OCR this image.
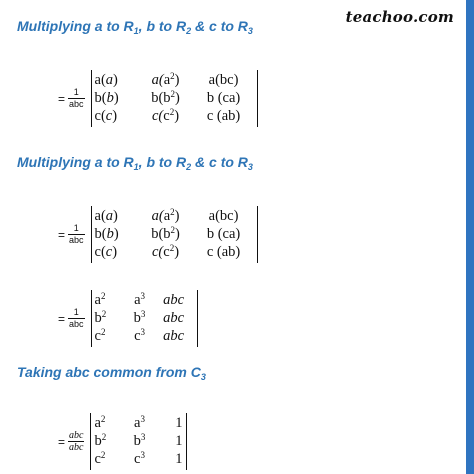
teachoo.com
Multiplying a to $R_1$, b to $R_2$ & c to $R_3$
= $\frac{1}{\text{abc}}$
a(a)	$a(a^2)$	a(bc)
b(b)	$b(b^2)$	b (ca)
c(c)	$c(c^2)$	c (ab)
Multiplying a to $R_1$, b to $R_2$ & c to $R_3$
= $\frac{1}{\text{abc}}$
a(a)	$a(a^2)$	a(bc)
b(b)	$b(b^2)$	b (ca)
c(c)	$c(c^2)$	c (ab)
= $\frac{1}{\text{abc}}$
$a^2$	$a^3$	abc
$b^2$	$b^3$	abc
$c^2$	$c^3$	abc
Taking abc common from $C_3$
= $\frac{\text{abc}}{\text{abc}}$
$a^2$	$a^3$	1
$b^2$	$b^3$	1
$c^2$	$c^3$	1
